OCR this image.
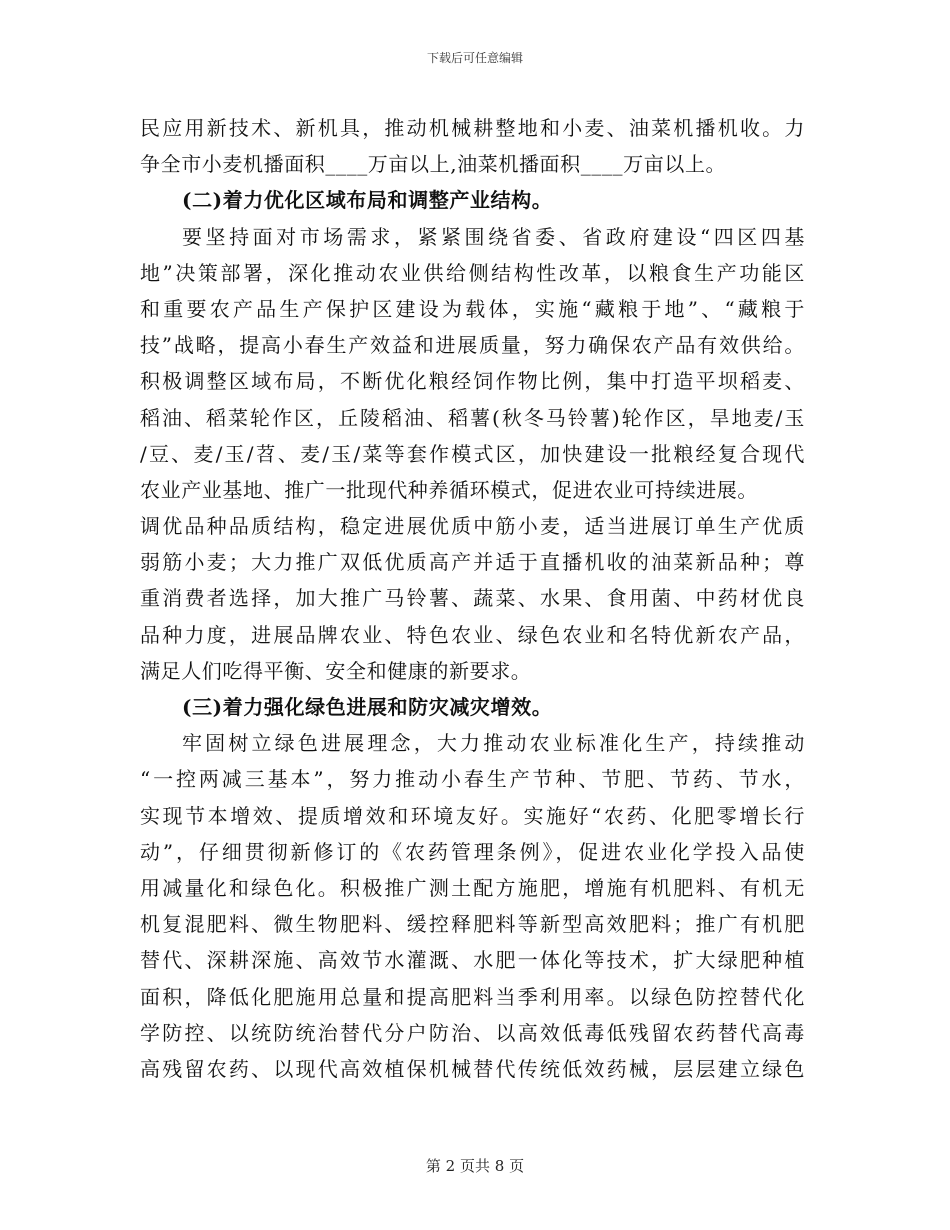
下载后可任意编辑
民应用新技术、新机具，推动机械耕整地和小麦、油菜机播机收。力
争全市小麦机播面积____万亩以上,油菜机播面积____万亩以上。
(二)着力优化区域布局和调整产业结构。
要坚持面对市场需求，紧紧围绕省委、省政府建设“四区四基
地”决策部署，深化推动农业供给侧结构性改革，以粮食生产功能区
和重要农产品生产保护区建设为载体，实施“藏粮于地”、“藏粮于
技”战略，提高小春生产效益和进展质量，努力确保农产品有效供给。
积极调整区域布局，不断优化粮经饲作物比例，集中打造平坝稻麦、
稻油、稻菜轮作区，丘陵稻油、稻薯(秋冬马铃薯)轮作区，旱地麦/玉
/豆、麦/玉/苕、麦/玉/菜等套作模式区，加快建设一批粮经复合现代
农业产业基地、推广一批现代种养循环模式，促进农业可持续进展。
调优品种品质结构，稳定进展优质中筋小麦，适当进展订单生产优质
弱筋小麦；大力推广双低优质高产并适于直播机收的油菜新品种；尊
重消费者选择，加大推广马铃薯、蔬菜、水果、食用菌、中药材优良
品种力度，进展品牌农业、特色农业、绿色农业和名特优新农产品，
满足人们吃得平衡、安全和健康的新要求。
(三)着力强化绿色进展和防灾减灾增效。
牢固树立绿色进展理念，大力推动农业标准化生产，持续推动
“一控两减三基本”，努力推动小春生产节种、节肥、节药、节水，
实现节本增效、提质增效和环境友好。实施好“农药、化肥零增长行
动”，仔细贯彻新修订的《农药管理条例》，促进农业化学投入品使
用减量化和绿色化。积极推广测土配方施肥，增施有机肥料、有机无
机复混肥料、微生物肥料、缓控释肥料等新型高效肥料；推广有机肥
替代、深耕深施、高效节水灌溉、水肥一体化等技术，扩大绿肥种植
面积，降低化肥施用总量和提高肥料当季利用率。以绿色防控替代化
学防控、以统防统治替代分户防治、以高效低毒低残留农药替代高毒
高残留农药、以现代高效植保机械替代传统低效药械，层层建立绿色
第 2 页共 8 页
